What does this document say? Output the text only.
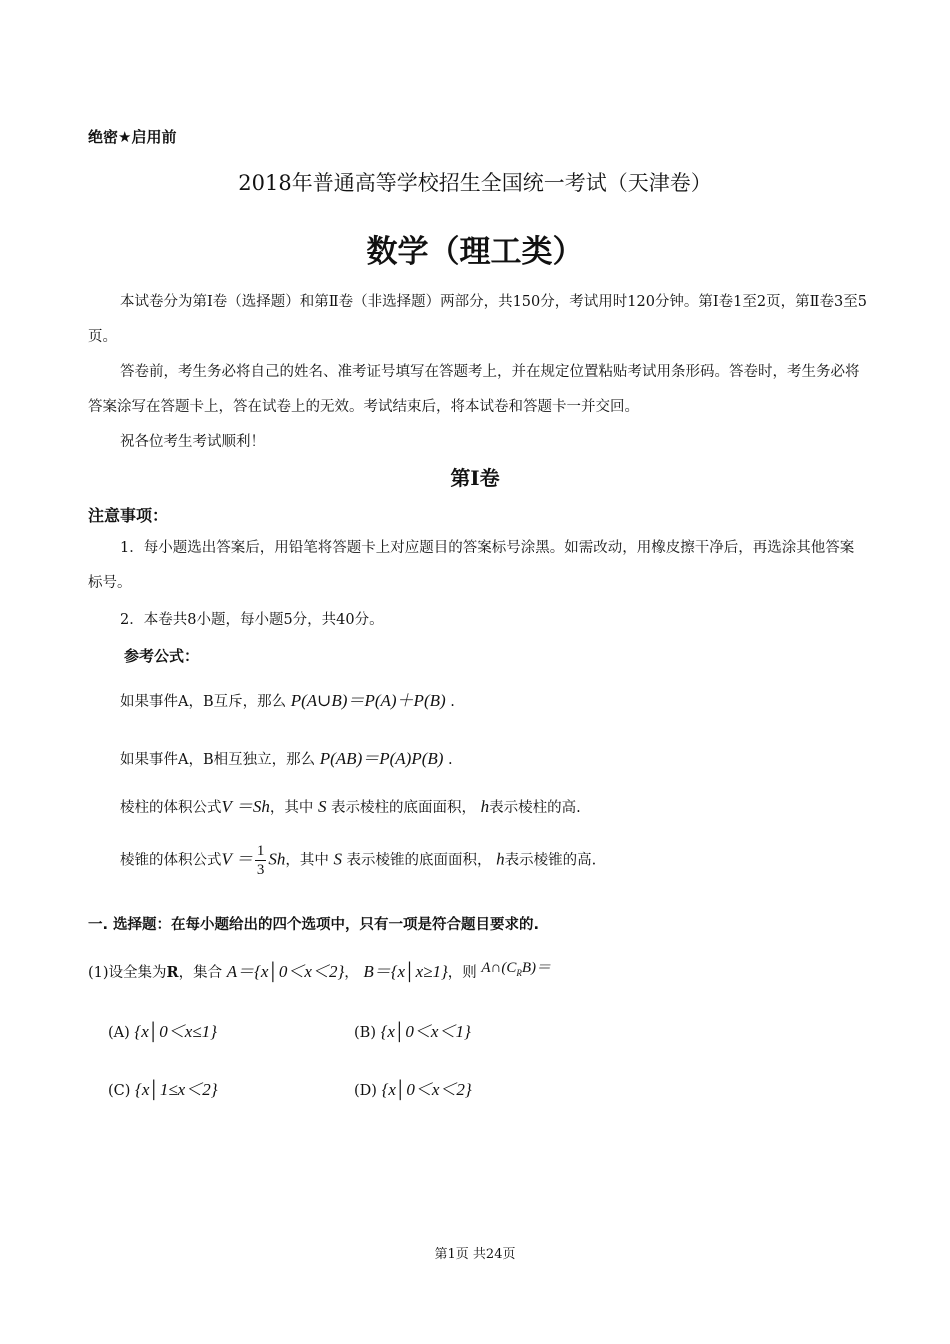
绝密★启用前
2018年普通高等学校招生全国统一考试（天津卷）
数学（理工类）
本试卷分为第Ⅰ卷（选择题）和第Ⅱ卷（非选择题）两部分，共150分，考试用时120分钟。第Ⅰ卷1至2页，第Ⅱ卷3至5页。
答卷前，考生务必将自己的姓名、准考证号填写在答题考上，并在规定位置粘贴考试用条形码。答卷时，考生务必将答案涂写在答题卡上，答在试卷上的无效。考试结束后，将本试卷和答题卡一并交回。
祝各位考生考试顺利！
第Ⅰ卷
注意事项：
1．每小题选出答案后，用铅笔将答题卡上对应题目的答案标号涂黑。如需改动，用橡皮擦干净后，再选涂其他答案标号。
2．本卷共8小题，每小题5分，共40分。
参考公式：
如果事件A，B互斥，那么 P(A∪B)＝P(A)＋P(B) .
如果事件A，B相互独立，那么 P(AB)＝P(A)P(B) .
棱柱的体积公式V ＝Sh，其中 S 表示棱柱的底面面积， h表示棱柱的高.
棱锥的体积公式$V = \frac{1}{3}$ Sh，其中 S 表示棱锥的底面面积， h表示棱锥的高.
一. 选择题：在每小题给出的四个选项中，只有一项是符合题目要求的.
(1)设全集为R，集合 A＝{x│0＜x＜2}， B＝{x│x≥1}，则 $A\cap(C_RB)=$
(A) {x│0＜x≤1}	(B) {x│0＜x＜1}
(C) {x│1≤x＜2}	(D) {x│0＜x＜2}
第1页 共24页
